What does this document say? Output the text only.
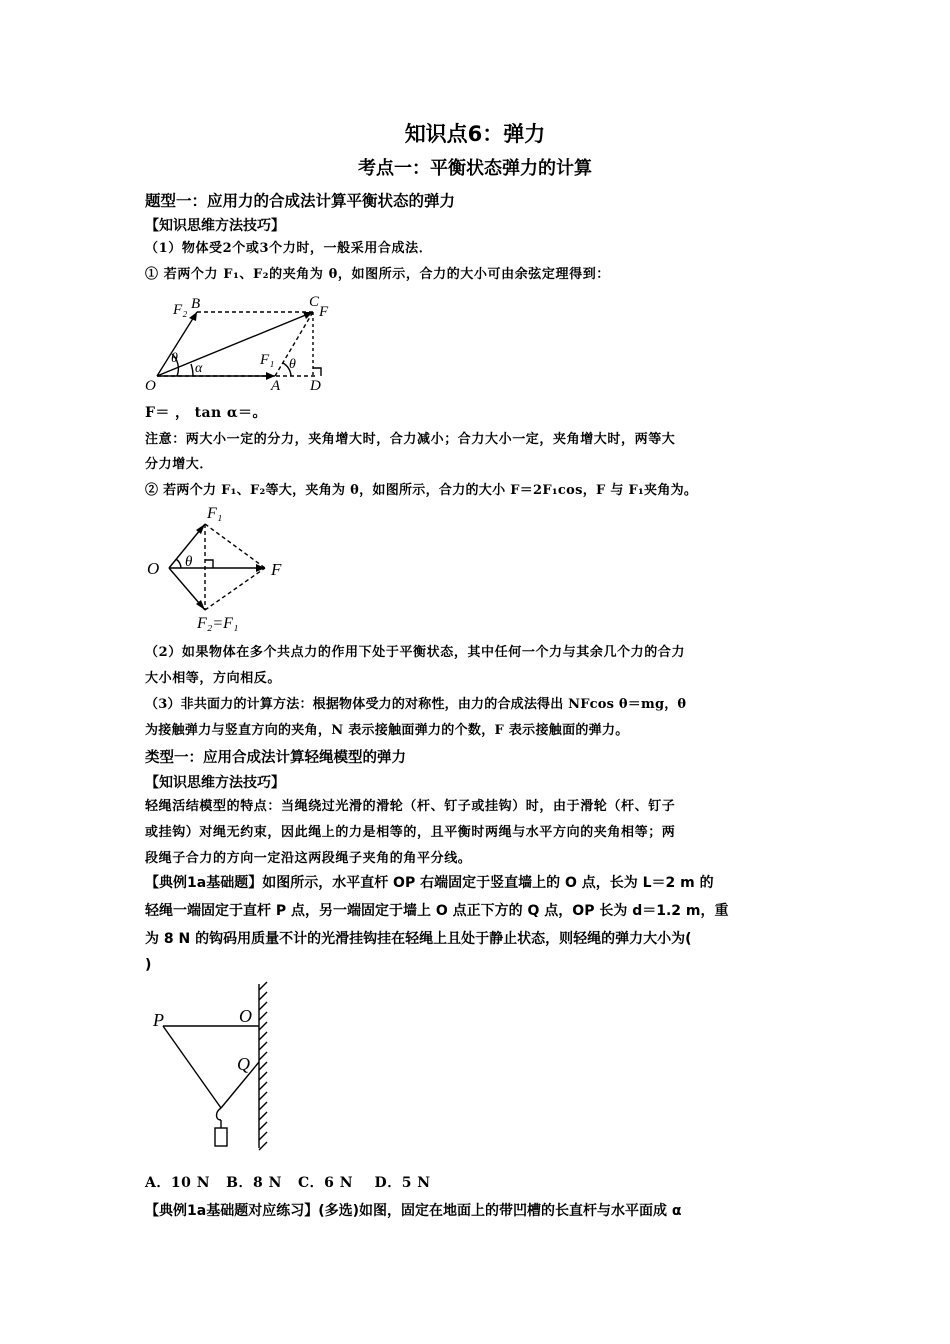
知识点6：弹力
考点一：平衡状态弹力的计算
题型一：应用力的合成法计算平衡状态的弹力
【知识思维方法技巧】
（1）物体受2个或3个力时，一般采用合成法．
① 若两个力 F₁、F₂的夹角为 θ，如图所示，合力的大小可由余弦定理得到：
B	C
F₂	F
θ
α
F₁ θ
O	A D
F＝ ， tan α＝。
注意：两大小一定的分力，夹角增大时，合力减小；合力大小一定，夹角增大时，两等大
分力增大．
② 若两个力 F₁、F₂等大，夹角为 θ，如图所示，合力的大小 F＝2F₁cos，F 与 F₁夹角为。
F₁
O θ	F
F₂=F₁
（2）如果物体在多个共点力的作用下处于平衡状态，其中任何一个力与其余几个力的合力
大小相等，方向相反。
（3）非共面力的计算方法：根据物体受力的对称性，由力的合成法得出 NFcos θ＝mg，θ
为接触弹力与竖直方向的夹角，N 表示接触面弹力的个数，F 表示接触面的弹力。
类型一：应用合成法计算轻绳模型的弹力
【知识思维方法技巧】
轻绳活结模型的特点：当绳绕过光滑的滑轮（杆、钉子或挂钩）时，由于滑轮（杆、钉子
或挂钩）对绳无约束，因此绳上的力是相等的，且平衡时两绳与水平方向的夹角相等；两
段绳子合力的方向一定沿这两段绳子夹角的角平分线。
【典例1a基础题】如图所示，水平直杆 OP 右端固定于竖直墙上的 O 点，长为 L＝2 m 的
轻绳一端固定于直杆 P 点，另一端固定于墙上 O 点正下方的 Q 点，OP 长为 d＝1.2 m，重
为 8 N 的钩码用质量不计的光滑挂钩挂在轻绳上且处于静止状态，则轻绳的弹力大小为(
)
P	O
Q
A．10 N   B．8 N   C．6 N    D．5 N
【典例1a基础题对应练习】(多选)如图，固定在地面上的带凹槽的长直杆与水平面成 α
